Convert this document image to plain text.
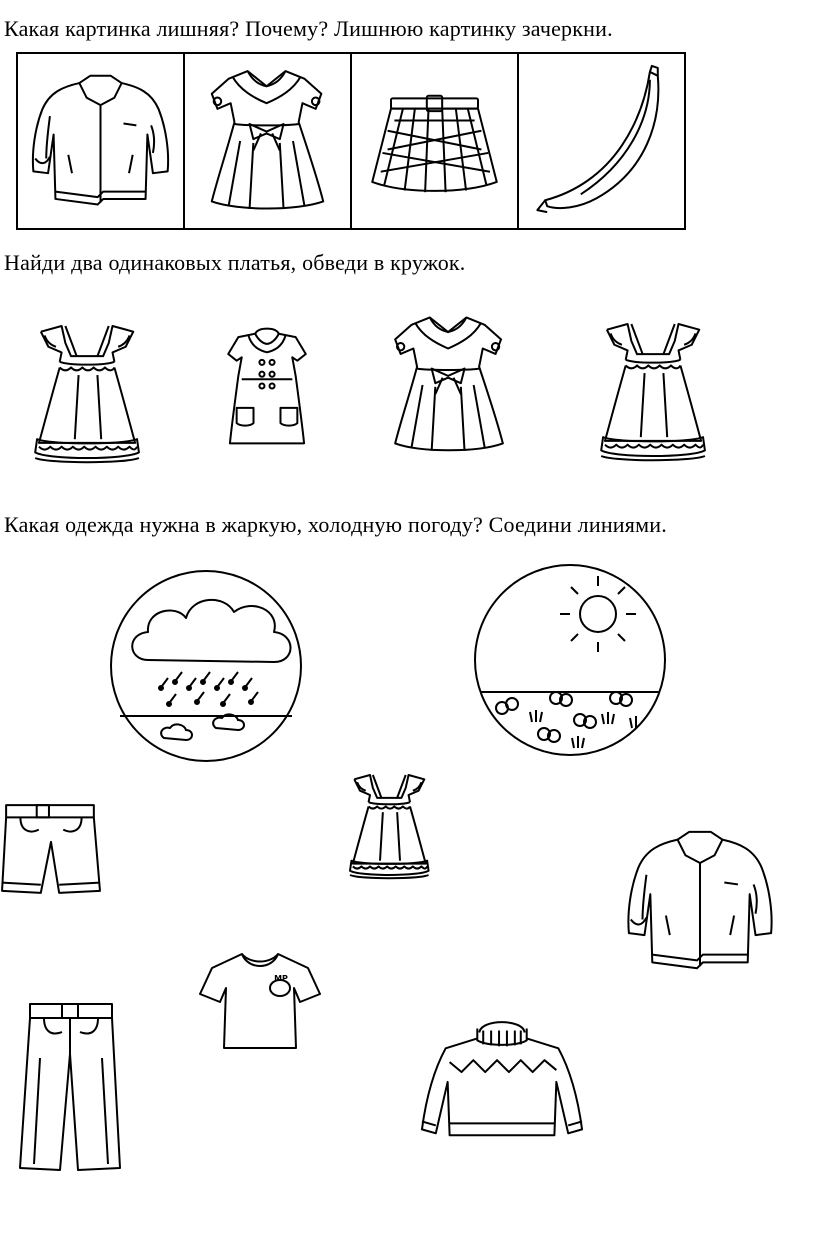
Какая картинка лишняя? Почему? Лишнюю картинку зачеркни.
Найди два одинаковых платья, обведи в кружок.
Какая одежда нужна в жаркую, холодную погоду? Соедини линиями.
МР
